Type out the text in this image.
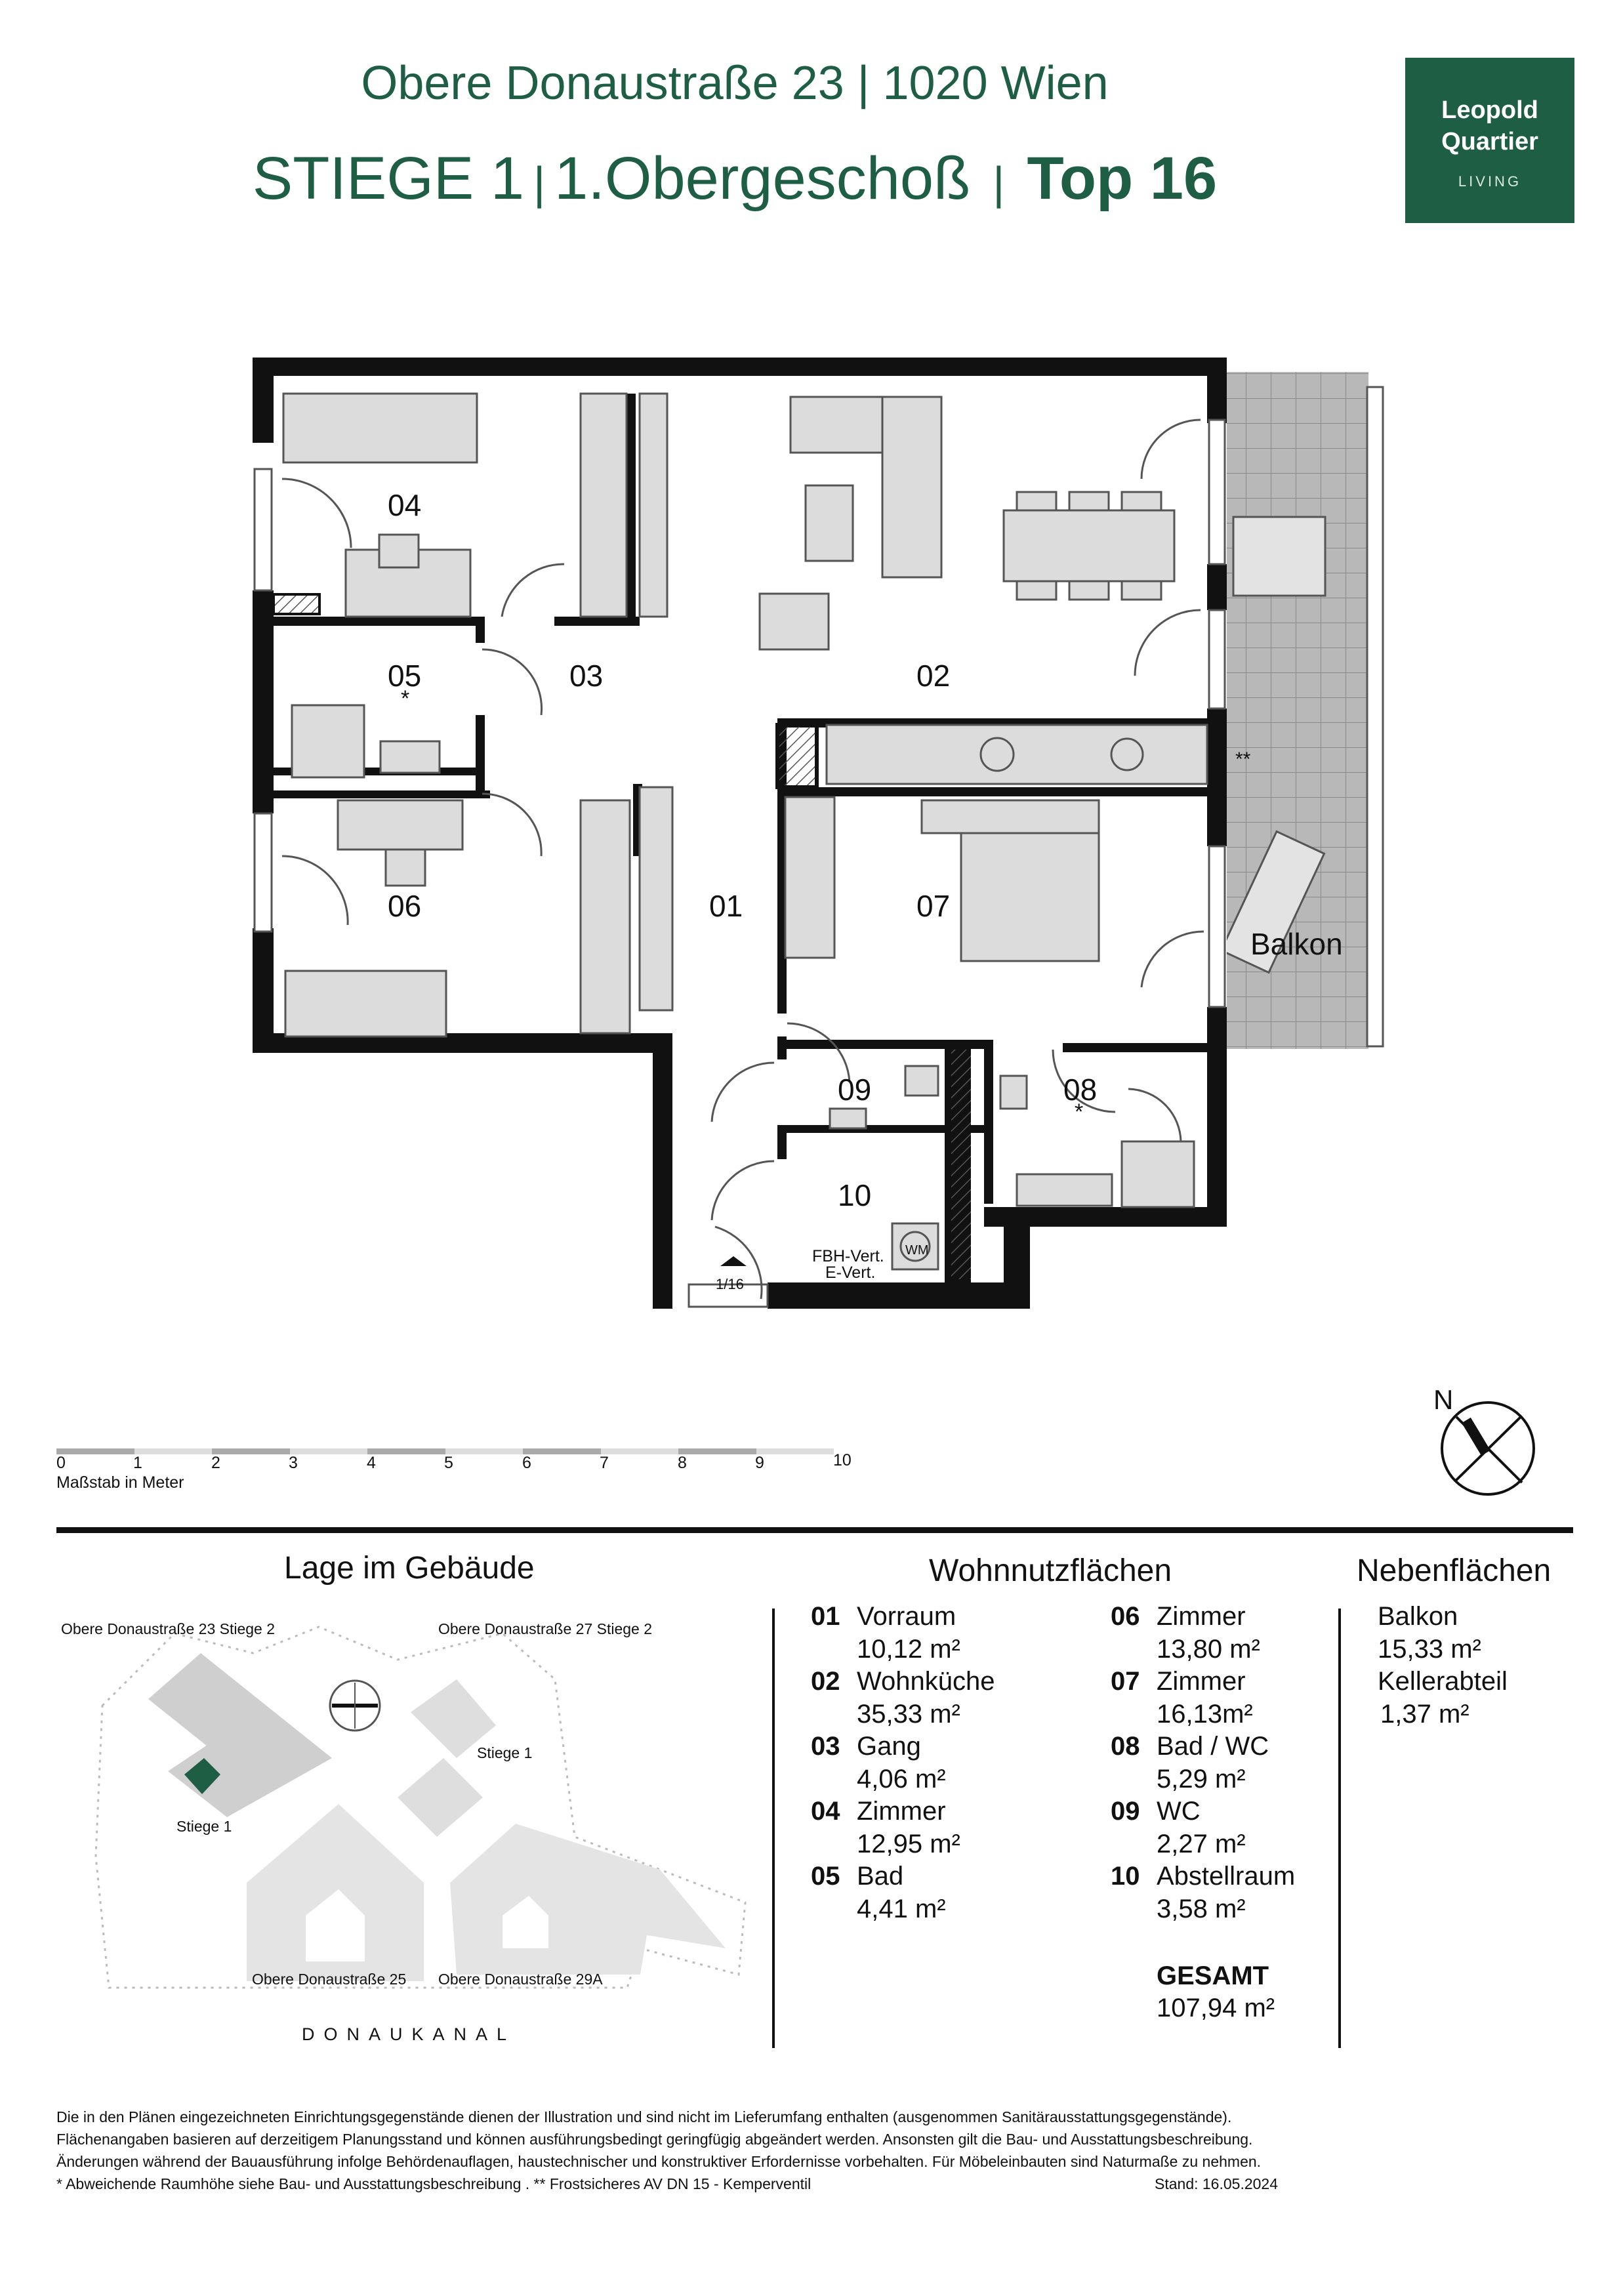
Obere Donaustraße 23 | 1020 Wien
STIEGE 1 | 1.Obergeschoß | Top 16
Leopold
Quartier
LIVING
04
05	03	02
06	01	07
09	08
10
Balkon
*
*
**
FBH-Vert.
E-Vert.
WM
1/16
N
0	1	2	3	4	5	6	7	8	9	10
Maßstab in Meter
Lage im Gebäude
Obere Donaustraße 23 Stiege 2	Obere Donaustraße 27 Stiege 2
Stiege 1
Stiege 1
Obere Donaustraße 25 Obere Donaustraße 29A
DONAUKANAL
Wohnnutzflächen
01 Vorraum
10,12 m²
02 Wohnküche
35,33 m²
03 Gang
4,06 m²
04 Zimmer
12,95 m²
05 Bad
4,41 m²
06 Zimmer
13,80 m²
07 Zimmer
16,13m²
08 Bad / WC
5,29 m²
09 WC
2,27 m²
10 Abstellraum
3,58 m²
GESAMT
107,94 m²
Nebenflächen
Balkon
15,33 m²
Kellerabteil
1,37 m²
Die in den Plänen eingezeichneten Einrichtungsgegenstände dienen der Illustration und sind nicht im Lieferumfang enthalten (ausgenommen Sanitärausstattungsgegenstände).
Flächenangaben basieren auf derzeitigem Planungsstand und können ausführungsbedingt geringfügig abgeändert werden. Ansonsten gilt die Bau- und Ausstattungsbeschreibung.
Änderungen während der Bauausführung infolge Behördenauflagen, haustechnischer und konstruktiver Erfordernisse vorbehalten. Für Möbeleinbauten sind Naturmaße zu nehmen.
* Abweichende Raumhöhe siehe Bau- und Ausstattungsbeschreibung . ** Frostsicheres AV DN 15 - Kemperventil	Stand: 16.05.2024
